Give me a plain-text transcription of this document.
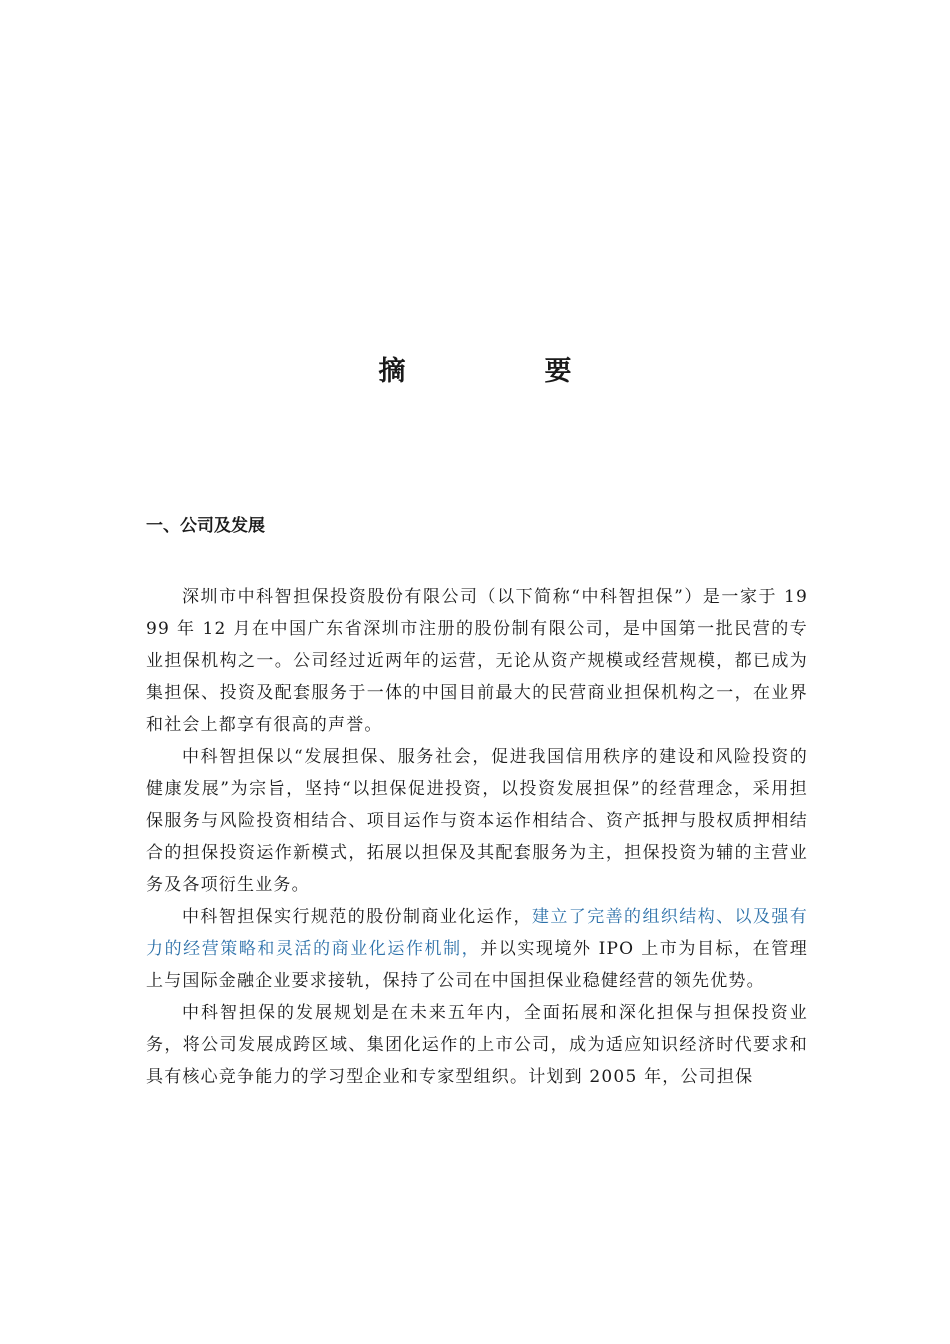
摘　要
一、公司及发展

深圳市中科智担保投资股份有限公司（以下简称“中科智担保”）是一家于 1999 年 12 月在中国广东省深圳市注册的股份制有限公司，是中国第一批民营的专业担保机构之一。公司经过近两年的运营，无论从资产规模或经营规模，都已成为集担保、投资及配套服务于一体的中国目前最大的民营商业担保机构之一，在业界和社会上都享有很高的声誉。

中科智担保以“发展担保、服务社会，促进我国信用秩序的建设和风险投资的健康发展”为宗旨，坚持“以担保促进投资，以投资发展担保”的经营理念，采用担保服务与风险投资相结合、项目运作与资本运作相结合、资产抵押与股权质押相结合的担保投资运作新模式，拓展以担保及其配套服务为主，担保投资为辅的主营业务及各项衍生业务。

中科智担保实行规范的股份制商业化运作，建立了完善的组织结构、以及强有力的经营策略和灵活的商业化运作机制，并以实现境外 IPO 上市为目标，在管理上与国际金融企业要求接轨，保持了公司在中国担保业稳健经营的领先优势。

中科智担保的发展规划是在未来五年内，全面拓展和深化担保与担保投资业务，将公司发展成跨区域、集团化运作的上市公司，成为适应知识经济时代要求和具有核心竞争能力的学习型企业和专家型组织。计划到 2005 年，公司担保
